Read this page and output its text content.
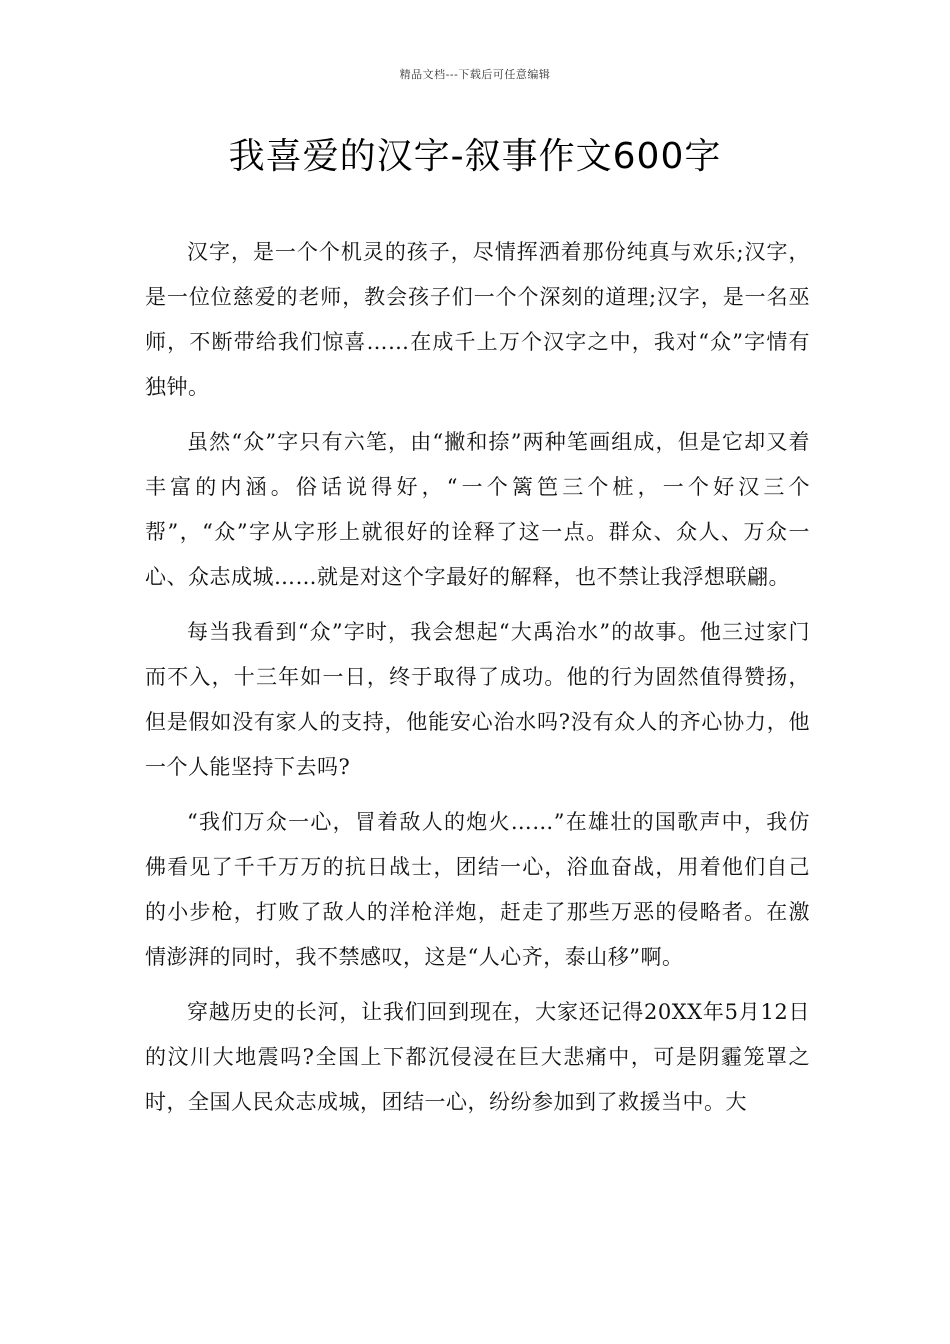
精品文档---下载后可任意编辑
我喜爱的汉字-叙事作文600字

汉字，是一个个机灵的孩子，尽情挥洒着那份纯真与欢乐;汉字，是一位位慈爱的老师，教会孩子们一个个深刻的道理;汉字，是一名巫师，不断带给我们惊喜……在成千上万个汉字之中，我对“众”字情有独钟。

虽然“众”字只有六笔，由“撇和捺”两种笔画组成，但是它却又着丰富的内涵。俗话说得好，“一个篱笆三个桩，一个好汉三个帮”，“众”字从字形上就很好的诠释了这一点。群众、众人、万众一心、众志成城……就是对这个字最好的解释，也不禁让我浮想联翩。

每当我看到“众”字时，我会想起“大禹治水”的故事。他三过家门而不入，十三年如一日，终于取得了成功。他的行为固然值得赞扬，但是假如没有家人的支持，他能安心治水吗?没有众人的齐心协力，他一个人能坚持下去吗?

“我们万众一心，冒着敌人的炮火……”在雄壮的国歌声中，我仿佛看见了千千万万的抗日战士，团结一心，浴血奋战，用着他们自己的小步枪，打败了敌人的洋枪洋炮，赶走了那些万恶的侵略者。在激情澎湃的同时，我不禁感叹，这是“人心齐，泰山移”啊。

穿越历史的长河，让我们回到现在，大家还记得20XX年5月12日的汶川大地震吗?全国上下都沉侵浸在巨大悲痛中，可是阴霾笼罩之时，全国人民众志成城，团结一心，纷纷参加到了救援当中。大
